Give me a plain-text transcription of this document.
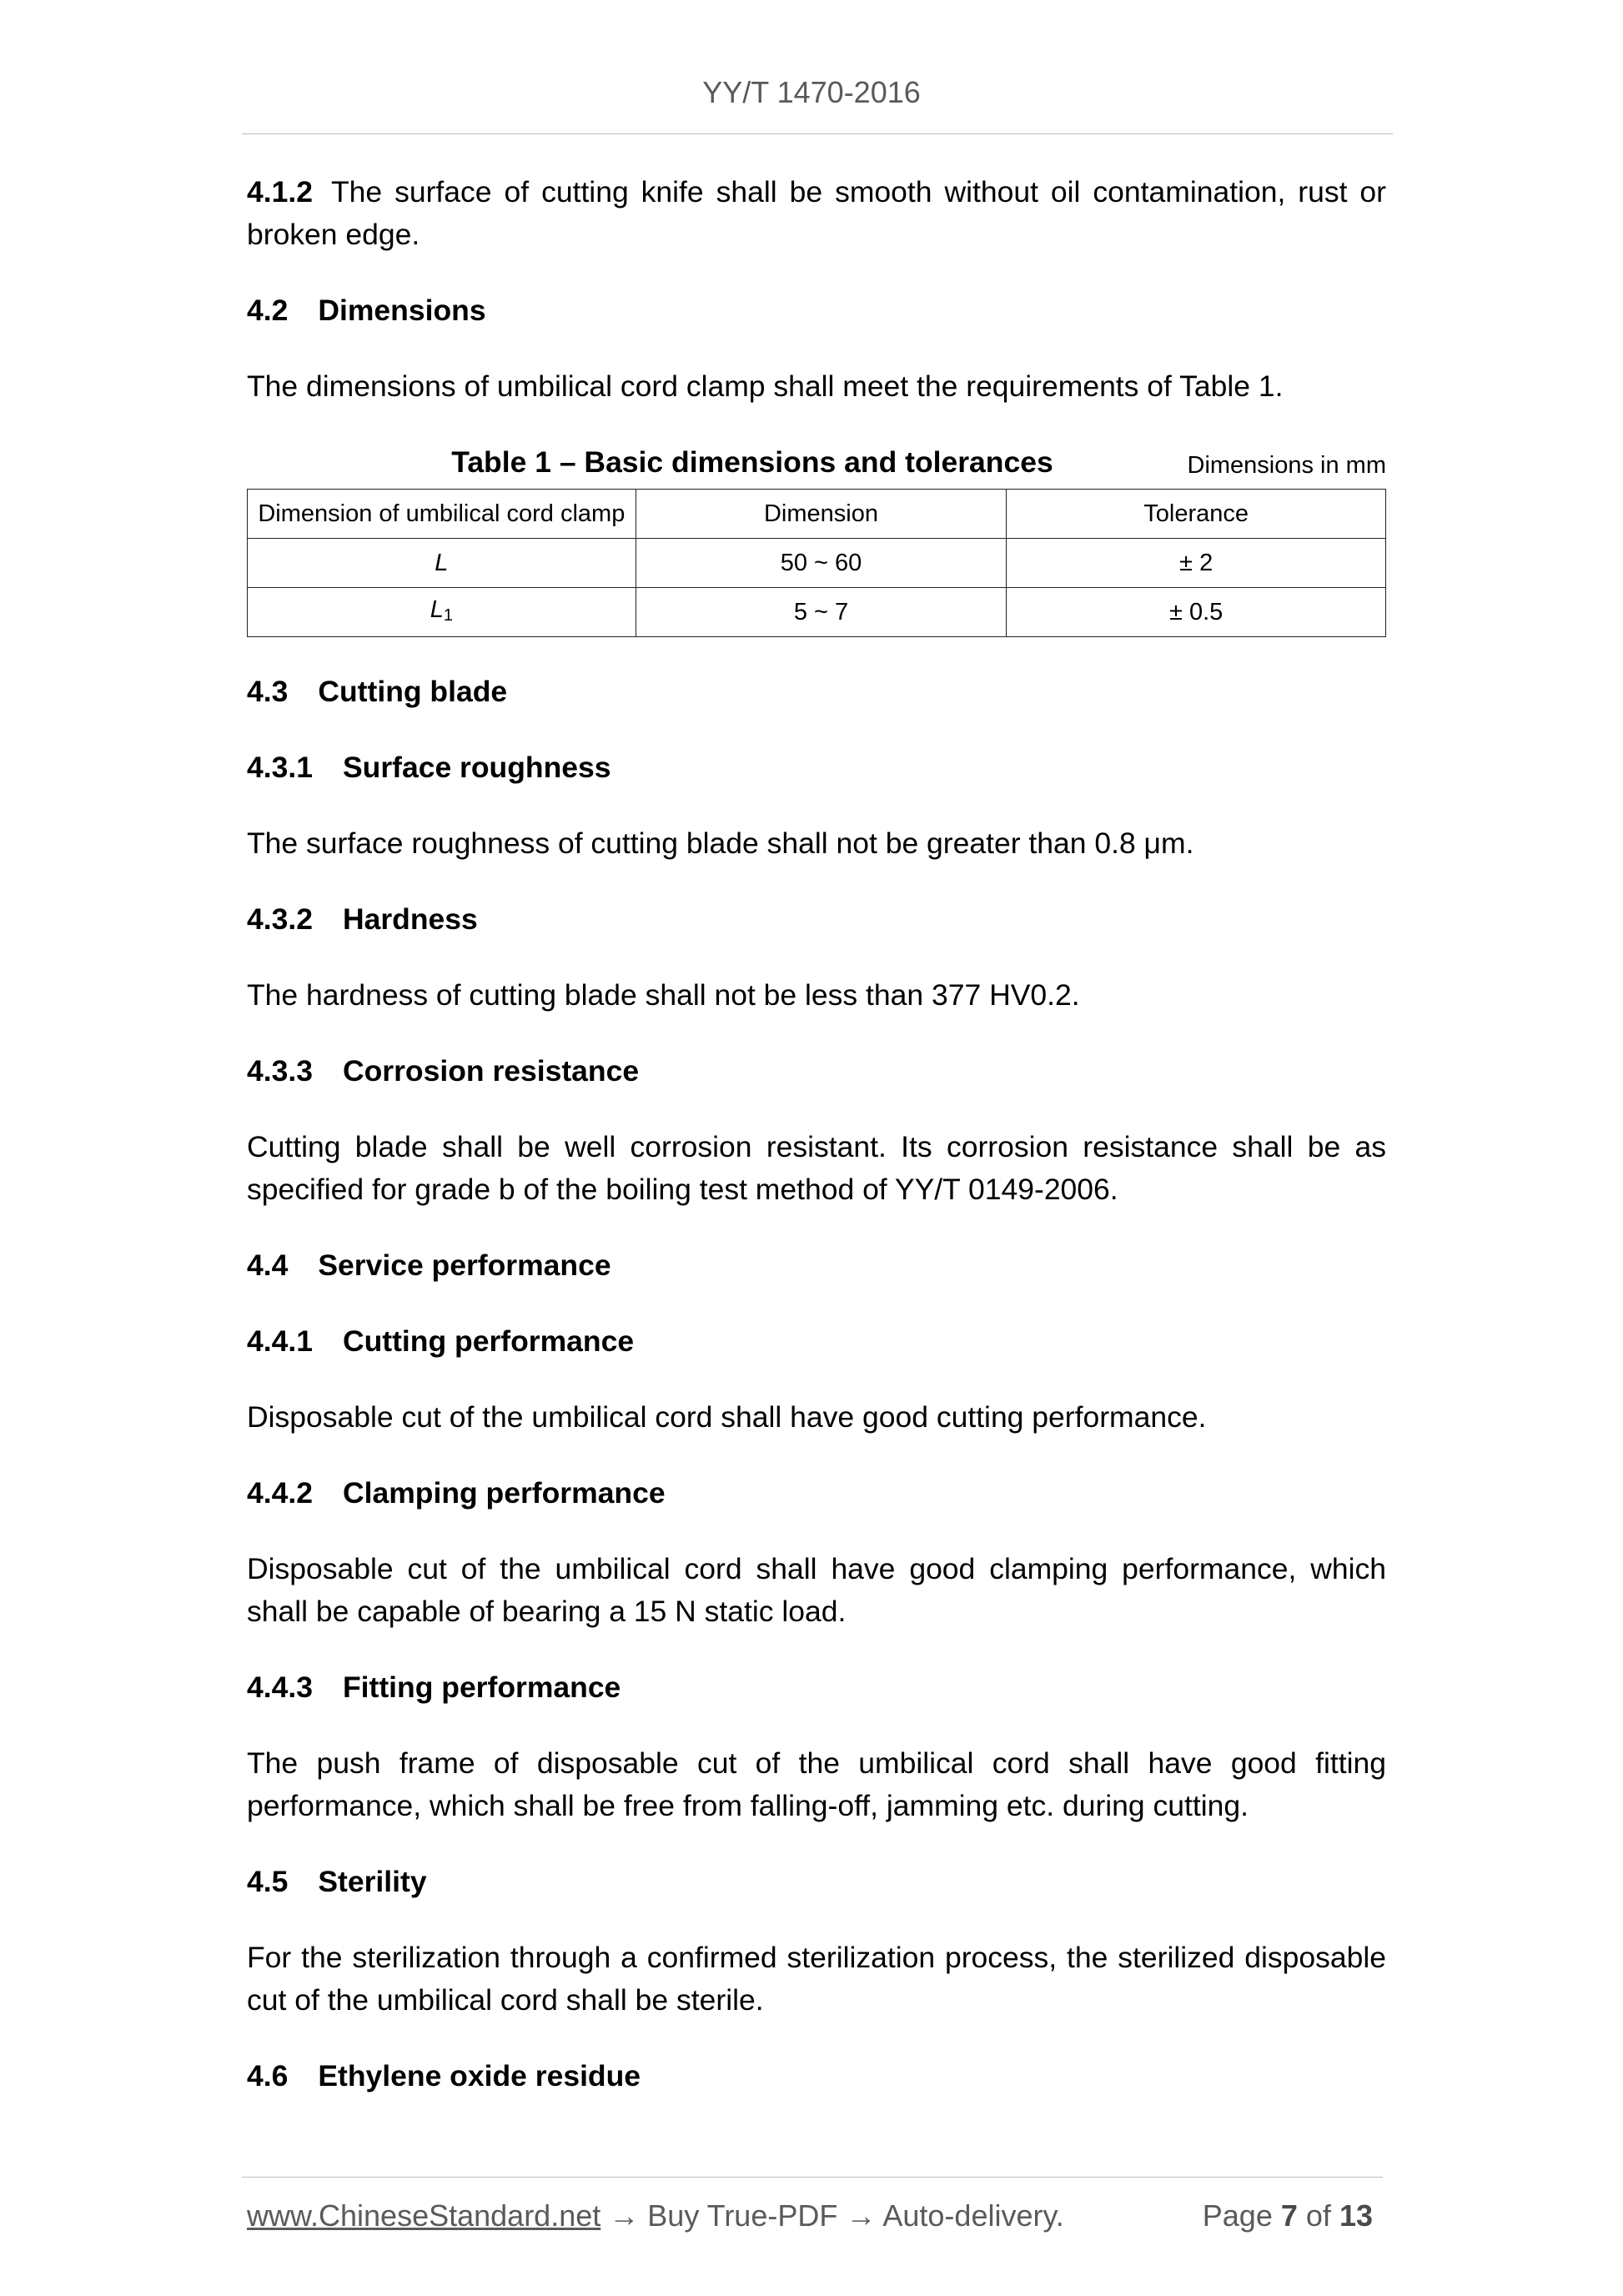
YY/T 1470-2016

4.1.2 The surface of cutting knife shall be smooth without oil contamination, rust or broken edge.

4.2 Dimensions

The dimensions of umbilical cord clamp shall meet the requirements of Table 1.

Table 1 – Basic dimensions and tolerances	Dimensions in mm
Dimension of umbilical cord clamp	Dimension	Tolerance
L	50 ~ 60	± 2
$L_1$	5 ~ 7	± 0.5
4.3 Cutting blade
4.3.1 Surface roughness

The surface roughness of cutting blade shall not be greater than 0.8 μm.

4.3.2 Hardness

The hardness of cutting blade shall not be less than 377 HV0.2.

4.3.3 Corrosion resistance

Cutting blade shall be well corrosion resistant. Its corrosion resistance shall be as specified for grade b of the boiling test method of YY/T 0149-2006.

4.4 Service performance
4.4.1 Cutting performance

Disposable cut of the umbilical cord shall have good cutting performance.

4.4.2 Clamping performance

Disposable cut of the umbilical cord shall have good clamping performance, which shall be capable of bearing a 15 N static load.

4.4.3 Fitting performance

The push frame of disposable cut of the umbilical cord shall have good fitting performance, which shall be free from falling-off, jamming etc. during cutting.

4.5 Sterility

For the sterilization through a confirmed sterilization process, the sterilized disposable cut of the umbilical cord shall be sterile.

4.6 Ethylene oxide residue
www.ChineseStandard.net → Buy True-PDF → Auto-delivery.	Page 7 of 13
